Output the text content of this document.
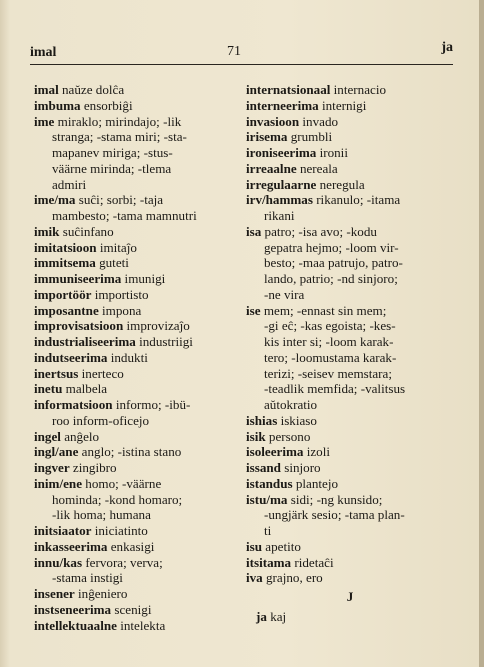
imal	71	ja
imal naŭze dolĉa
imbuma ensorbiĝi
ime miraklo; mirindajo; -lik
stranga; -stama miri; -sta-
mapanev miriga; -stus-
väärne mirinda; -tlema
admiri
ime/ma suĉi; sorbi; -taja
mambesto; -tama mamnutri
imik suĉinfano
imitatsioon imitaĵo
immitsema guteti
immuniseerima imunigi
importöör importisto
imposantne impona
improvisatsioon improvizaĵo
industrialiseerima industriigi
indutseerima indukti
inertsus inerteco
inetu malbela
informatsioon informo; -ibü-
roo inform-oficejo
ingel anĝelo
ingl/ane anglo; -istina stano
ingver zingibro
inim/ene homo; -väärne
hominda; -kond homaro;
-lik homa; humana
initsiaator iniciatinto
inkasseerima enkasigi
innu/kas fervora; verva;
-stama instigi
insener inĝeniero
instseneerima scenigi
intellektuaalne intelekta
internatsionaal internacio
interneerima internigi
invasioon invado
irisema grumbli
ironiseerima ironii
irreaalne nereala
irregulaarne neregula
irv/hammas rikanulo; -itama
rikani
isa patro; -isa avo; -kodu
gepatra hejmo; -loom vir-
besto; -maa patrujo, patro-
lando, patrio; -nd sinjoro;
-ne vira
ise mem; -ennast sin mem;
-gi eĉ; -kas egoista; -kes-
kis inter si; -loom karak-
tero; -loomustama karak-
terizi; -seisev memstara;
-teadlik memfida; -valitsus
aŭtokratio
ishias iskiaso
isik persono
isoleerima izoli
issand sinjoro
istandus plantejo
istu/ma sidi; -ng kunsido;
-ungjärk sesio; -tama plan-
ti
isu apetito
itsitama ridetaĉi
iva grajno, ero
J
ja kaj
